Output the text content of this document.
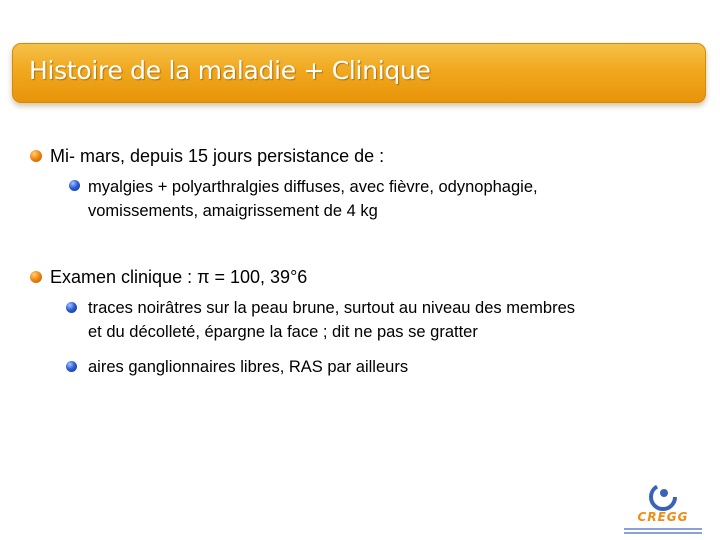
Histoire de la maladie + Clinique
Mi- mars, depuis 15 jours persistance de :
myalgies + polyarthralgies diffuses, avec fièvre, odynophagie,
vomissements, amaigrissement de 4 kg
Examen clinique : π = 100, 39°6
traces noirâtres sur la peau brune, surtout au niveau des membres
et du décolleté, épargne la face ; dit ne pas se gratter
aires ganglionnaires libres, RAS par ailleurs
CREGG
